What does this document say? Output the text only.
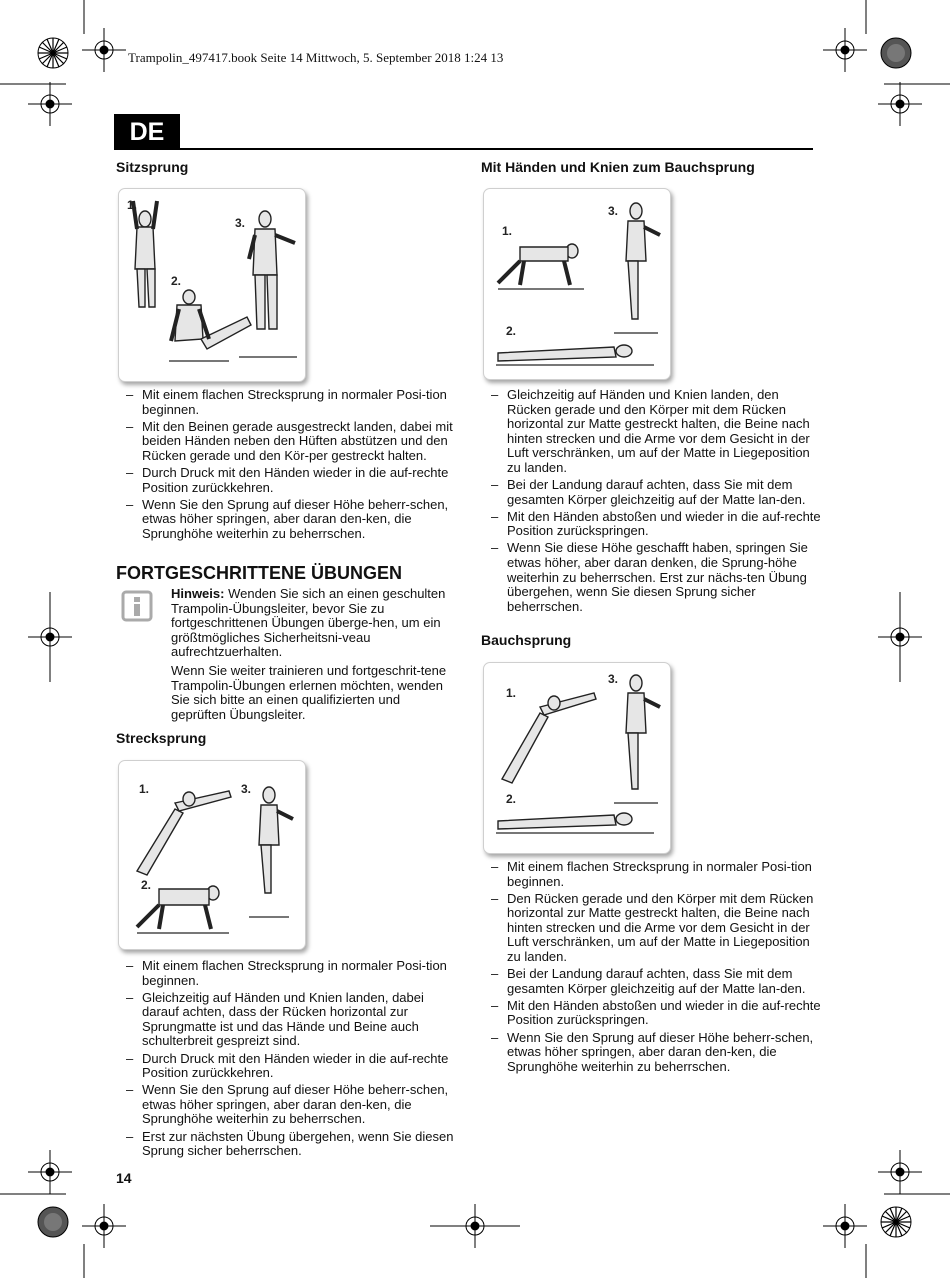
Trampolin_497417.book Seite 14 Mittwoch, 5. September 2018 1:24 13
DE

Sitzsprung

1.
2.
3.
– Mit einem flachen Strecksprung in normaler Posi-tion beginnen.
– Mit den Beinen gerade ausgestreckt landen, dabei mit beiden Händen neben den Hüften abstützen und den Rücken gerade und den Kör-per gestreckt halten.
– Durch Druck mit den Händen wieder in die auf-rechte Position zurückkehren.
– Wenn Sie den Sprung auf dieser Höhe beherr-schen, etwas höher springen, aber daran den-ken, die Sprunghöhe weiterhin zu beherrschen.

FORTGESCHRITTENE ÜBUNGEN

Hinweis: Wenden Sie sich an einen geschulten Trampolin-Übungsleiter, bevor Sie zu fortgeschrittenen Übungen überge-hen, um ein größtmögliches Sicherheitsni-veau aufrechtzuerhalten.

Wenn Sie weiter trainieren und fortgeschrit-tene Trampolin-Übungen erlernen möchten, wenden Sie sich bitte an einen qualifizierten und geprüften Übungsleiter.

Strecksprung

1.
2.
3.
– Mit einem flachen Strecksprung in normaler Posi-tion beginnen.
– Gleichzeitig auf Händen und Knien landen, dabei darauf achten, dass der Rücken horizontal zur Sprungmatte ist und das Hände und Beine auch schulterbreit gespreizt sind.
– Durch Druck mit den Händen wieder in die auf-rechte Position zurückkehren.
– Wenn Sie den Sprung auf dieser Höhe beherr-schen, etwas höher springen, aber daran den-ken, die Sprunghöhe weiterhin zu beherrschen.
– Erst zur nächsten Übung übergehen, wenn Sie diesen Sprung sicher beherrschen.

Mit Händen und Knien zum Bauchsprung

1.
2.
3.
– Gleichzeitig auf Händen und Knien landen, den Rücken gerade und den Körper mit dem Rücken horizontal zur Matte gestreckt halten, die Beine nach hinten strecken und die Arme vor dem Gesicht in der Luft verschränken, um auf der Matte in Liegeposition zu landen.
– Bei der Landung darauf achten, dass Sie mit dem gesamten Körper gleichzeitig auf der Matte lan-den.
– Mit den Händen abstoßen und wieder in die auf-rechte Position zurückspringen.
– Wenn Sie diese Höhe geschafft haben, springen Sie etwas höher, aber daran denken, die Sprung-höhe weiterhin zu beherrschen. Erst zur nächs-ten Übung übergehen, wenn Sie diesen Sprung sicher beherrschen.

Bauchsprung

1.
2.
3.
– Mit einem flachen Strecksprung in normaler Posi-tion beginnen.
– Den Rücken gerade und den Körper mit dem Rücken horizontal zur Matte gestreckt halten, die Beine nach hinten strecken und die Arme vor dem Gesicht in der Luft verschränken, um auf der Matte in Liegeposition zu landen.
– Bei der Landung darauf achten, dass Sie mit dem gesamten Körper gleichzeitig auf der Matte lan-den.
– Mit den Händen abstoßen und wieder in die auf-rechte Position zurückspringen.
– Wenn Sie den Sprung auf dieser Höhe beherr-schen, etwas höher springen, aber daran den-ken, die Sprunghöhe weiterhin zu beherrschen.
14
